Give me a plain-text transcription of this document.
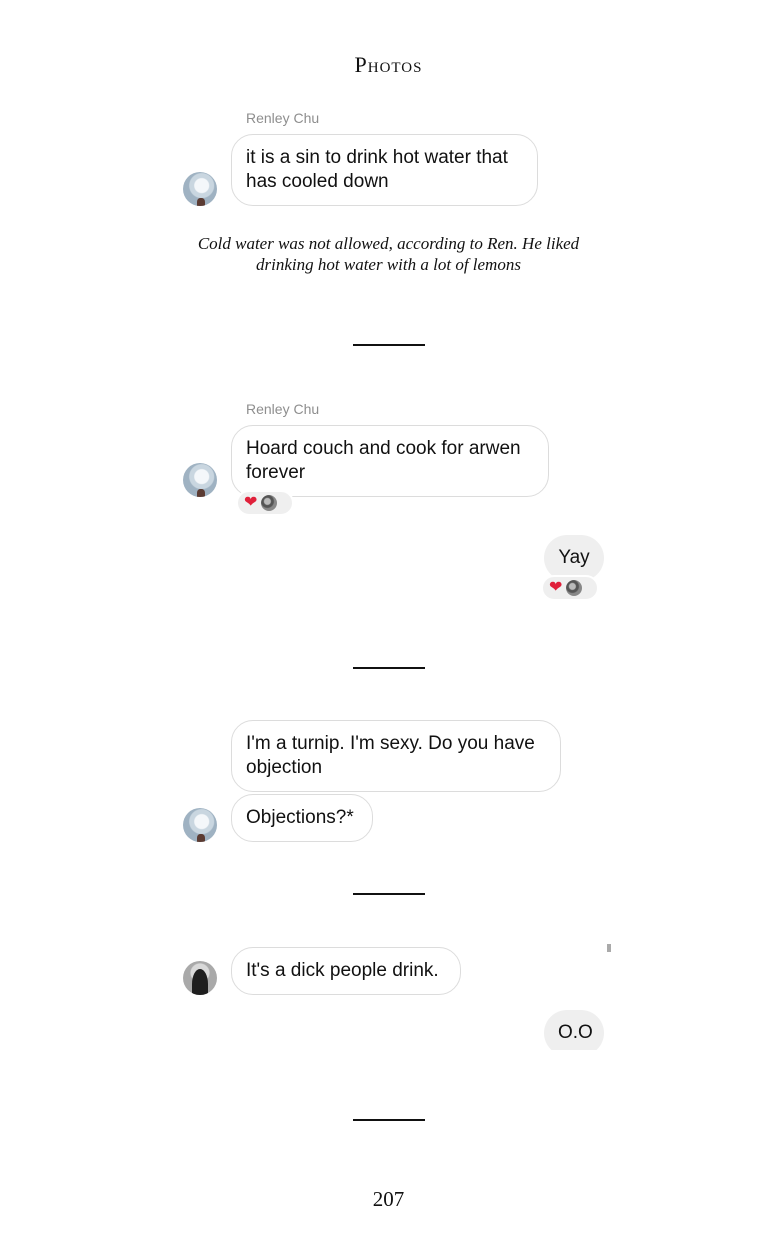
Photos
Renley Chu
it is a sin to drink hot water that has cooled down
Cold water was not allowed, according to Ren. He liked drinking hot water with a lot of lemons
Renley Chu
Hoard couch and cook for arwen forever
❤
Yay
❤
I'm a turnip. I'm sexy. Do you have objection
Objections?*
It's a dick people drink.
O.O
207
